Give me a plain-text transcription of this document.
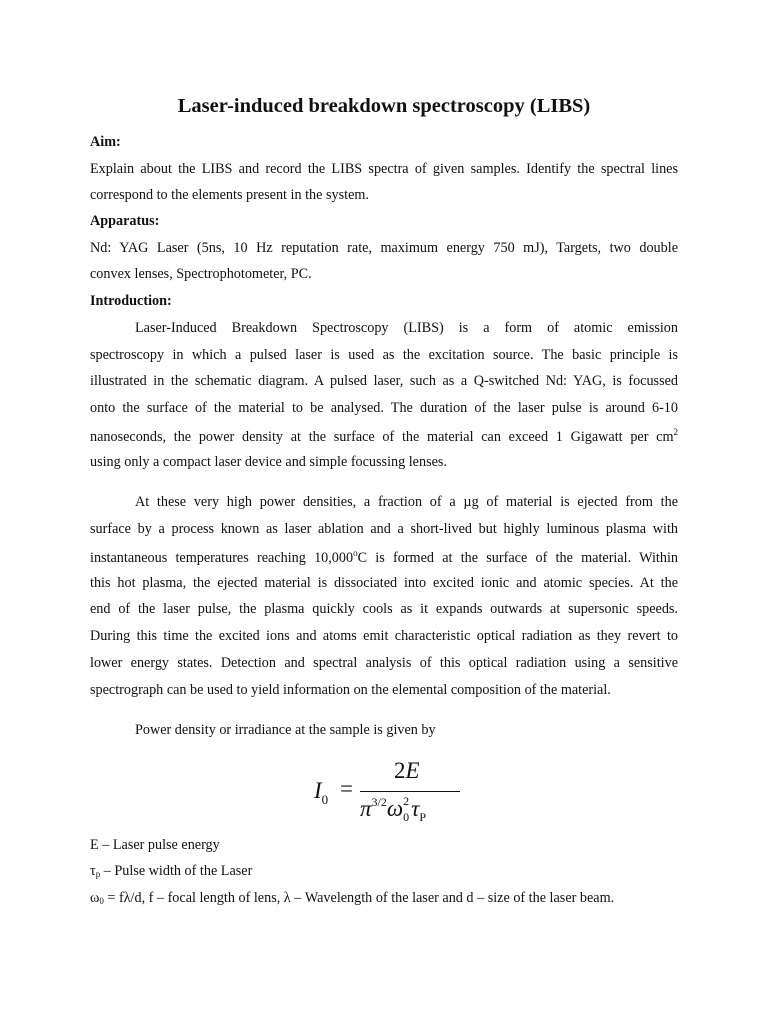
Laser-induced breakdown spectroscopy (LIBS)
Aim:
Explain about the LIBS and record the LIBS spectra of given samples. Identify the spectral lines
correspond to the elements present in the system.
Apparatus:
Nd: YAG Laser (5ns, 10 Hz reputation rate, maximum energy 750 mJ), Targets, two double
convex lenses, Spectrophotometer, PC.
Introduction:
Laser-Induced Breakdown Spectroscopy (LIBS) is a form of atomic emission
spectroscopy in which a pulsed laser is used as the excitation source. The basic principle is
illustrated in the schematic diagram. A pulsed laser, such as a Q-switched Nd: YAG, is focussed
onto the surface of the material to be analysed. The duration of the laser pulse is around 6-10
nanoseconds, the power density at the surface of the material can exceed 1 Gigawatt per $cm^2$
using only a compact laser device and simple focussing lenses.
At these very high power densities, a fraction of a µg of material is ejected from the
surface by a process known as laser ablation and a short-lived but highly luminous plasma with
instantaneous temperatures reaching 10,000$^o$C is formed at the surface of the material. Within
this hot plasma, the ejected material is dissociated into excited ionic and atomic species. At the
end of the laser pulse, the plasma quickly cools as it expands outwards at supersonic speeds.
During this time the excited ions and atoms emit characteristic optical radiation as they revert to
lower energy states. Detection and spectral analysis of this optical radiation using a sensitive
spectrograph can be used to yield information on the elemental composition of the material.
Power density or irradiance at the sample is given by
$I_0$ =
2E
$\pi^{3/2}\omega$ 2
0 $\tau_P$
E – Laser pulse energy
$\tau_p$ – Pulse width of the Laser
$\omega_0 = f\lambda/d$, f – focal length of lens, λ – Wavelength of the laser and d – size of the laser beam.
